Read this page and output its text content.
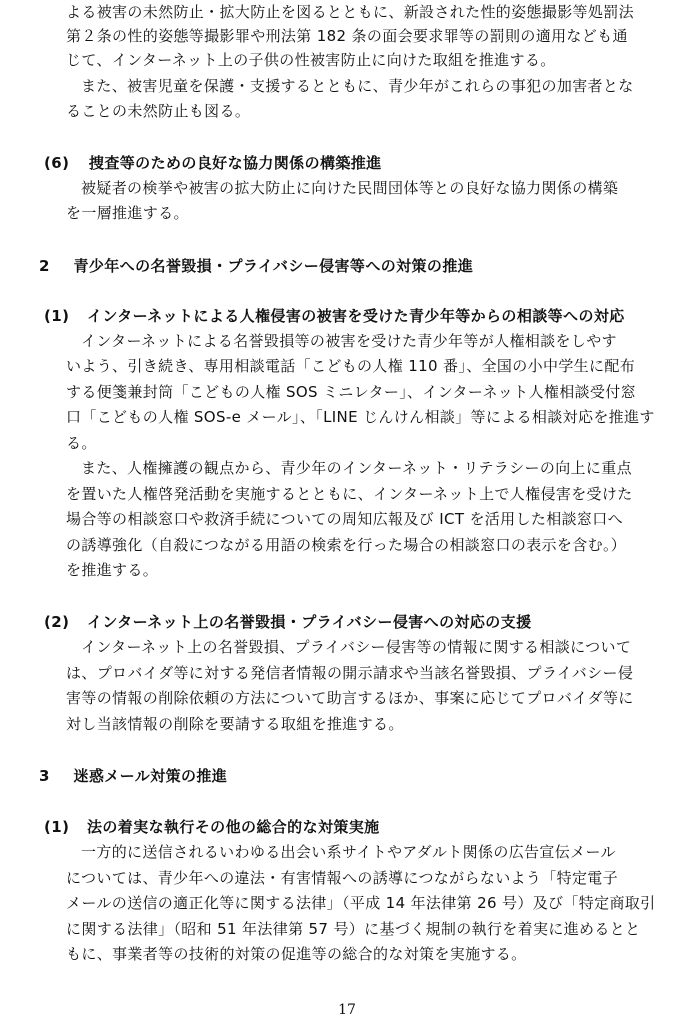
よる被害の未然防止・拡大防止を図るとともに、新設された性的姿態撮影等処罰法
第２条の性的姿態等撮影罪や刑法第 182 条の面会要求罪等の罰則の適用なども通
じて、インターネット上の子供の性被害防止に向けた取組を推進する。
また、被害児童を保護・支援するとともに、青少年がこれらの事犯の加害者とな
ることの未然防止も図る。
(6) 捜査等のための良好な協力関係の構築推進
被疑者の検挙や被害の拡大防止に向けた民間団体等との良好な協力関係の構築
を一層推進する。
2 青少年への名誉毀損・プライバシー侵害等への対策の推進
(1) インターネットによる人権侵害の被害を受けた青少年等からの相談等への対応
インターネットによる名誉毀損等の被害を受けた青少年等が人権相談をしやす
いよう、引き続き、専用相談電話「こどもの人権 110 番」、全国の小中学生に配布
する便箋兼封筒「こどもの人権 SOS ミニレター」、インターネット人権相談受付窓
口「こどもの人権 SOS-e メール」、「LINE じんけん相談」等による相談対応を推進す
る。
また、人権擁護の観点から、青少年のインターネット・リテラシーの向上に重点
を置いた人権啓発活動を実施するとともに、インターネット上で人権侵害を受けた
場合等の相談窓口や救済手続についての周知広報及び ICT を活用した相談窓口へ
の誘導強化（自殺につながる用語の検索を行った場合の相談窓口の表示を含む。）
を推進する。
(2) インターネット上の名誉毀損・プライバシー侵害への対応の支援
インターネット上の名誉毀損、プライバシー侵害等の情報に関する相談について
は、プロバイダ等に対する発信者情報の開示請求や当該名誉毀損、プライバシー侵
害等の情報の削除依頼の方法について助言するほか、事案に応じてプロバイダ等に
対し当該情報の削除を要請する取組を推進する。
3 迷惑メール対策の推進
(1) 法の着実な執行その他の総合的な対策実施
一方的に送信されるいわゆる出会い系サイトやアダルト関係の広告宣伝メール
については、青少年への違法・有害情報への誘導につながらないよう「特定電子
メールの送信の適正化等に関する法律」（平成 14 年法律第 26 号）及び「特定商取引
に関する法律」（昭和 51 年法律第 57 号）に基づく規制の執行を着実に進めるとと
もに、事業者等の技術的対策の促進等の総合的な対策を実施する。
17
